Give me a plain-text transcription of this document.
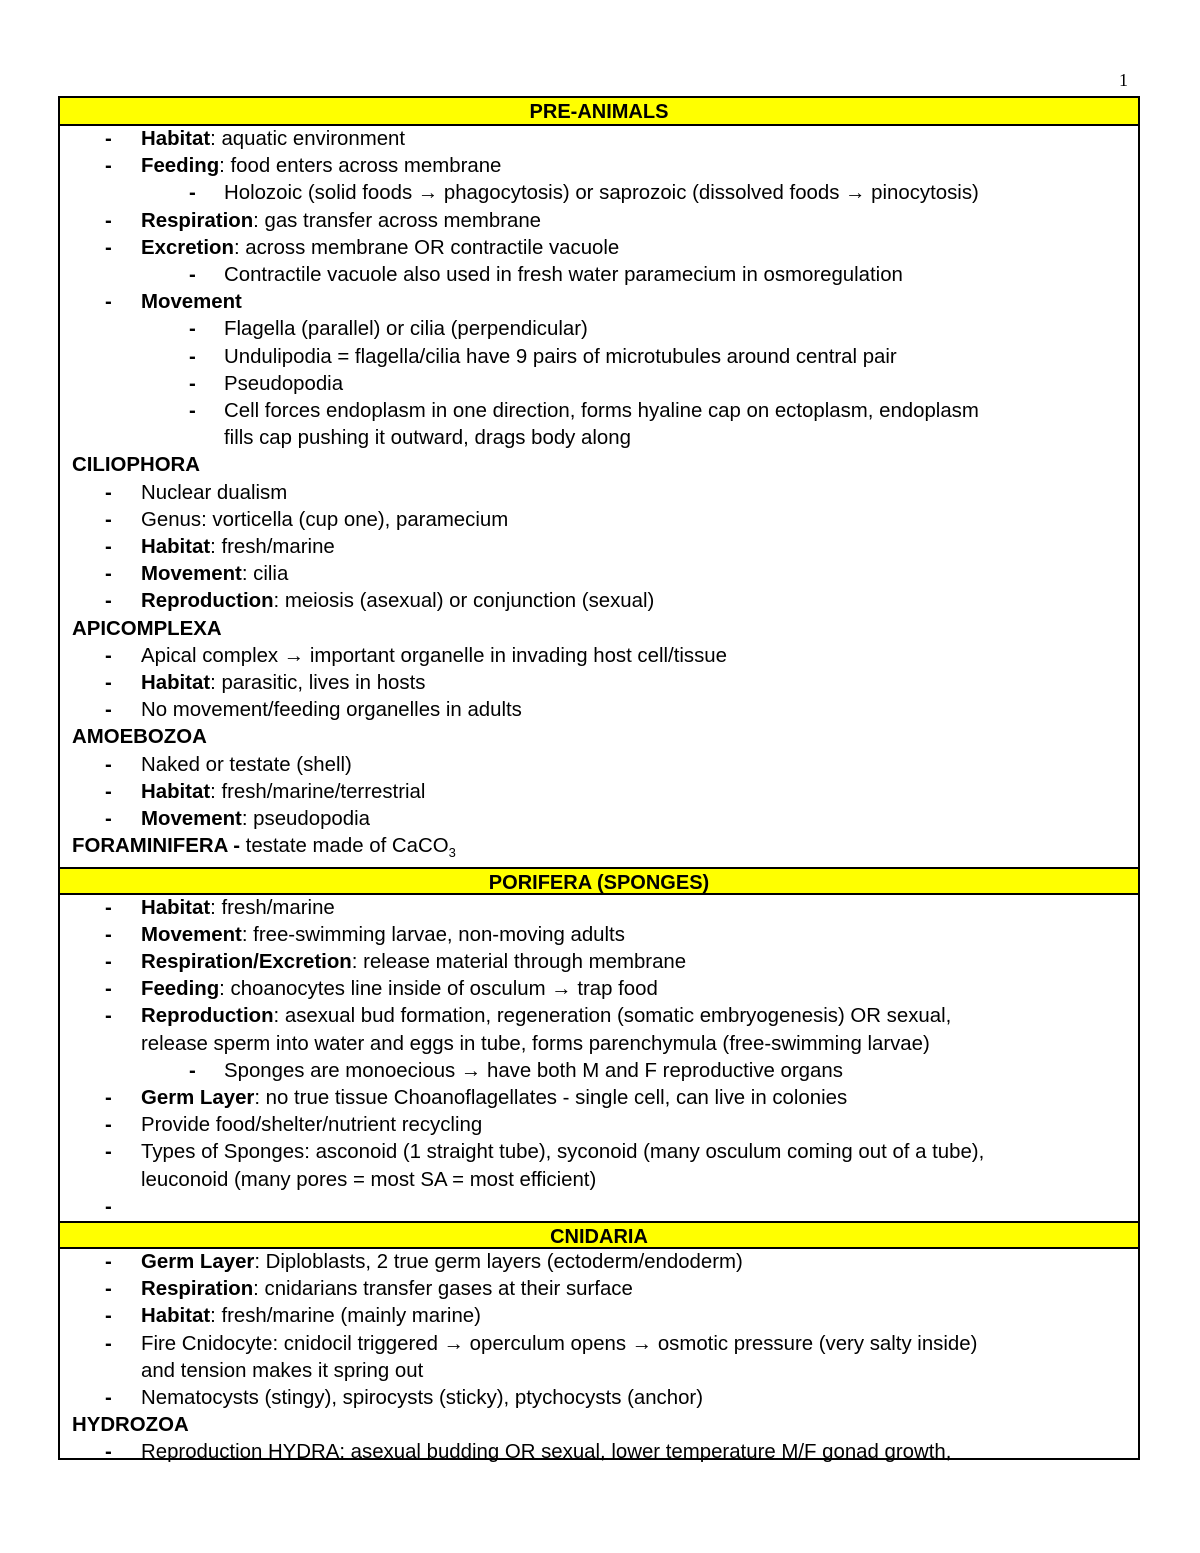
1
PRE-ANIMALS
- Habitat: aquatic environment
- Feeding: food enters across membrane
- Holozoic (solid foods → phagocytosis) or saprozoic (dissolved foods → pinocytosis)
- Respiration: gas transfer across membrane
- Excretion: across membrane OR contractile vacuole
- Contractile vacuole also used in fresh water paramecium in osmoregulation
- Movement
- Flagella (parallel) or cilia (perpendicular)
- Undulipodia = flagella/cilia have 9 pairs of microtubules around central pair
- Pseudopodia
- Cell forces endoplasm in one direction, forms hyaline cap on ectoplasm, endoplasm
fills cap pushing it outward, drags body along
CILIOPHORA
- Nuclear dualism
- Genus: vorticella (cup one), paramecium
- Habitat: fresh/marine
- Movement: cilia
- Reproduction: meiosis (asexual) or conjunction (sexual)
APICOMPLEXA
- Apical complex → important organelle in invading host cell/tissue
- Habitat: parasitic, lives in hosts
- No movement/feeding organelles in adults
AMOEBOZOA
- Naked or testate (shell)
- Habitat: fresh/marine/terrestrial
- Movement: pseudopodia
FORAMINIFERA - testate made of CaCO$_3$
PORIFERA (SPONGES)
- Habitat: fresh/marine
- Movement: free-swimming larvae, non-moving adults
- Respiration/Excretion: release material through membrane
- Feeding: choanocytes line inside of osculum → trap food
- Reproduction: asexual bud formation, regeneration (somatic embryogenesis) OR sexual,
release sperm into water and eggs in tube, forms parenchymula (free-swimming larvae)
- Sponges are monoecious → have both M and F reproductive organs
- Germ Layer: no true tissue Choanoflagellates - single cell, can live in colonies
- Provide food/shelter/nutrient recycling
- Types of Sponges: asconoid (1 straight tube), syconoid (many osculum coming out of a tube),
leuconoid (many pores = most SA = most efficient)
-

CNIDARIA
- Germ Layer: Diploblasts, 2 true germ layers (ectoderm/endoderm)
- Respiration: cnidarians transfer gases at their surface
- Habitat: fresh/marine (mainly marine)
- Fire Cnidocyte: cnidocil triggered → operculum opens → osmotic pressure (very salty inside)
and tension makes it spring out
- Nematocysts (stingy), spirocysts (sticky), ptychocysts (anchor)
HYDROZOA
- Reproduction HYDRA: asexual budding OR sexual, lower temperature M/F gonad growth,
